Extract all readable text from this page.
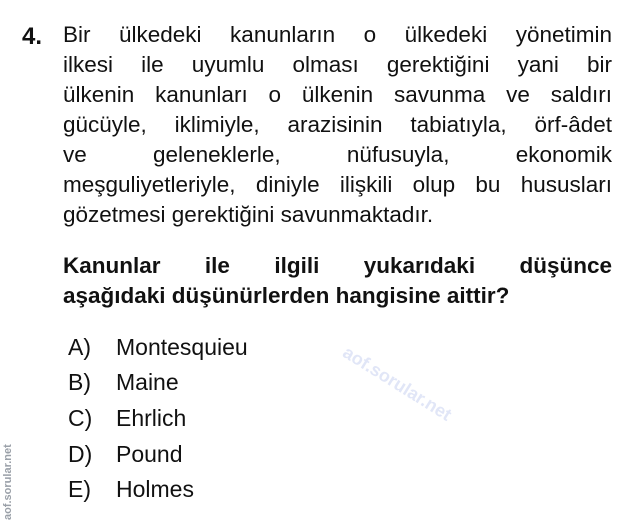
aof.sorular.net
aof.sorular.net
4. Bir ülkedeki kanunların o ülkedeki yönetimin
ilkesi ile uyumlu olması gerektiğini yani bir
ülkenin kanunları o ülkenin savunma ve saldırı
gücüyle, iklimiyle, arazisinin tabiatıyla, örf-âdet
ve geleneklerle, nüfusuyla, ekonomik
meşguliyetleriyle, diniyle ilişkili olup bu hususları
gözetmesi gerektiğini savunmaktadır.

Kanunlar ile ilgili yukarıdaki düşünce
aşağıdaki düşünürlerden hangisine aittir?

A)	Montesquieu
B)	Maine
C)	Ehrlich
D)	Pound
E)	Holmes
